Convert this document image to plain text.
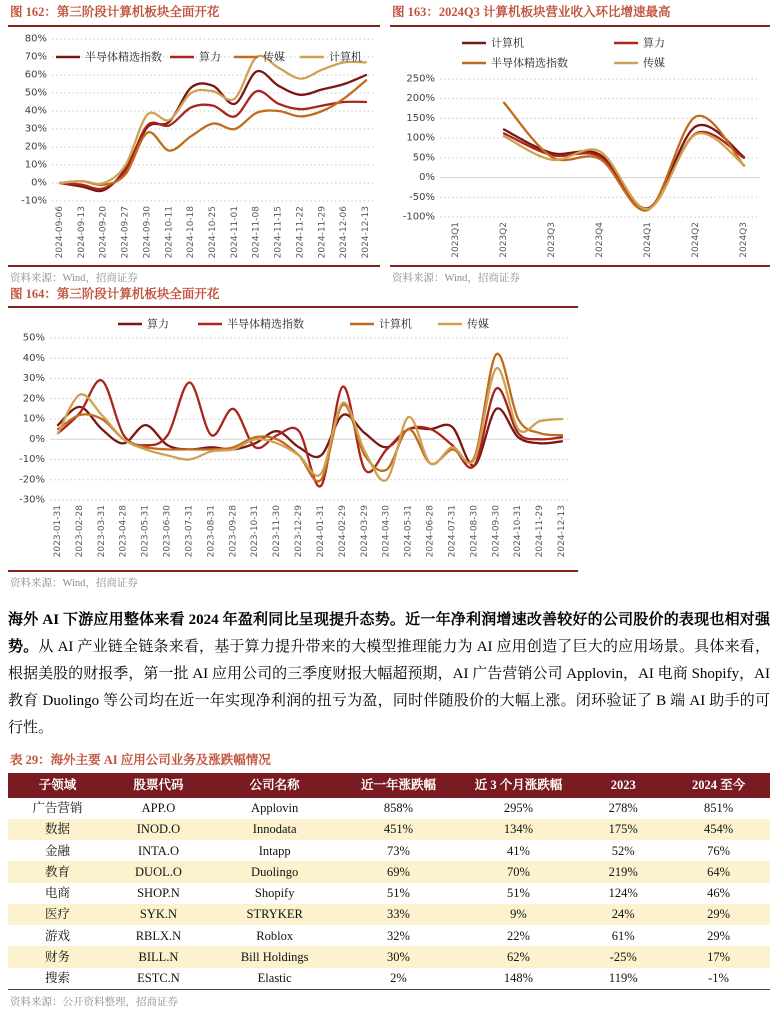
图 162：第三阶段计算机板块全面开花
-10%
0%
10%
20%
30%
40%
50%
60%
70%
80%
2024-09-06 2024-09-13 2024-09-20 2024-09-27 2024-09-30 2024-10-11 2024-10-18 2024-10-25 2024-11-01 2024-11-08 2024-11-15 2024-11-22 2024-11-29 2024-12-06 2024-12-13
半导体精选指数	算力	传媒	计算机
资料来源：Wind，招商证券
图 163：2024Q3 计算机板块营业收入环比增速最高
-100%
-50%
0%
50%
100%
150%
200%
250%
2023Q1	2023Q2	2023Q3	2023Q4	2024Q1	2024Q2	2024Q3
计算机	算力
半导体精选指数	传媒
资料来源：Wind，招商证券
图 164：第三阶段计算机板块全面开花
-30%
-20%
-10%
0%
10%
20%
30%
40%
50%
2023-01-31 2023-02-28 2023-03-31 2023-04-28 2023-05-31 2023-06-30 2023-07-31 2023-08-31 2023-09-28 2023-10-31 2023-11-30 2023-12-29 2024-01-31 2024-02-29 2024-03-29 2024-04-30 2024-05-31 2024-06-28 2024-07-31 2024-08-30 2024-09-30 2024-10-31 2024-11-29 2024-12-13
算力	半导体精选指数	计算机	传媒
资料来源：Wind，招商证券

海外 AI 下游应用整体来看 2024 年盈利同比呈现提升态势。近一年净利润增速改善较好的公司股价的表现也相对强势。从 AI 产业链全链条来看，基于算力提升带来的大模型推理能力为 AI 应用创造了巨大的应用场景。具体来看，根据美股的财报季，第一批 AI 应用公司的三季度财报大幅超预期，AI 广告营销公司 Applovin，AI 电商 Shopify，AI 教育 Duolingo 等公司均在近一年实现净利润的扭亏为盈，同时伴随股价的大幅上涨。闭环验证了 B 端 AI 助手的可行性。

表 29：海外主要 AI 应用公司业务及涨跌幅情况
子领域	股票代码	公司名称	近一年涨跌幅	近 3 个月涨跌幅	2023	2024 至今
广告营销	APP.O	Applovin	858%	295%	278%	851%
数据	INOD.O	Innodata	451%	134%	175%	454%
金融	INTA.O	Intapp	73%	41%	52%	76%
教育	DUOL.O	Duolingo	69%	70%	219%	64%
电商	SHOP.N	Shopify	51%	51%	124%	46%
医疗	SYK.N	STRYKER	33%	9%	24%	29%
游戏	RBLX.N	Roblox	32%	22%	61%	29%
财务	BILL.N	Bill Holdings	30%	62%	-25%	17%
搜索	ESTC.N	Elastic	2%	148%	119%	-1%
资料来源：公开资料整理，招商证券
